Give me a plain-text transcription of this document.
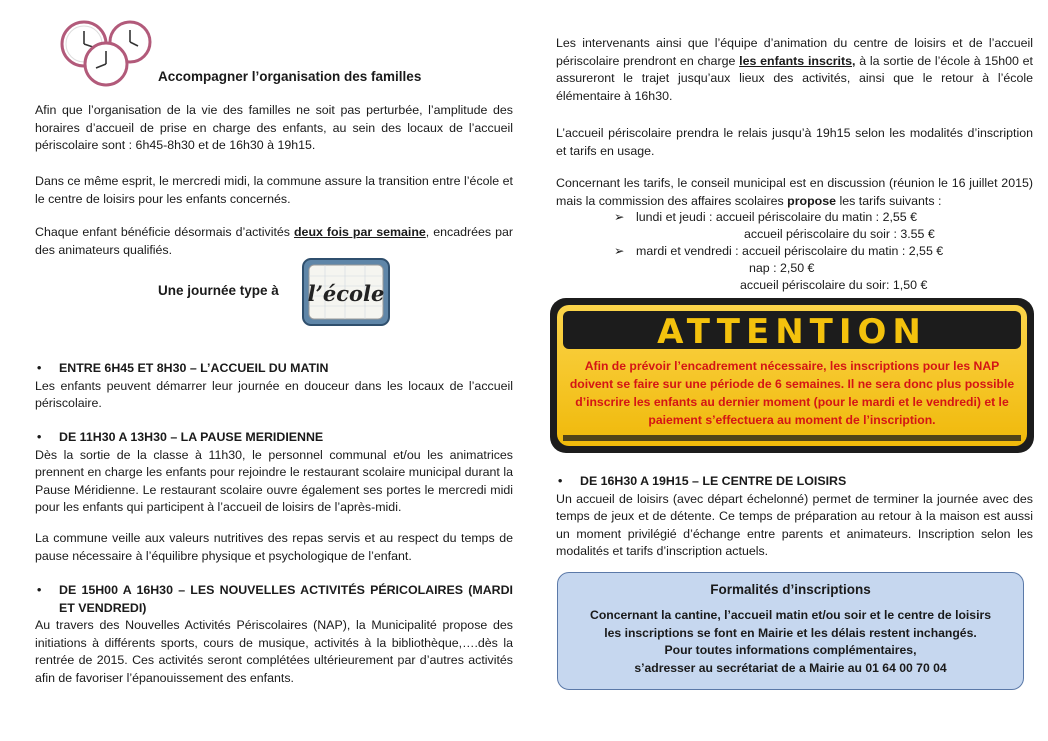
Accompagner l’organisation des familles

Afin que l’organisation de la vie des familles ne soit pas perturbée, l’amplitude des horaires d’accueil de prise en charge des enfants, au sein des locaux de l’accueil périscolaire sont : 6h45-8h30 et de 16h30 à 19h15.

Dans ce même esprit, le mercredi midi, la commune assure la transition entre l’école et le centre de loisirs pour les enfants concernés.

Chaque enfant bénéficie désormais d’activités deux fois par semaine, encadrées par des animateurs qualifiés.

•	ENTRE 6H45 ET 8H30 – L’ACCUEIL DU MATIN

Les enfants peuvent démarrer leur journée en douceur dans les locaux de l’accueil périscolaire.

•	DE 11H30 A 13H30 – LA PAUSE MERIDIENNE

Dès la sortie de la classe à 11h30, le personnel communal et/ou les animatrices prennent en charge les enfants pour rejoindre le restaurant scolaire municipal durant la Pause Méridienne. Le restaurant scolaire ouvre également ses portes le mercredi midi pour les enfants qui participent à l’accueil de loisirs de l’après-midi.

La commune veille aux valeurs nutritives des repas servis et au respect du temps de pause nécessaire à l’équilibre physique et psychologique de l’enfant.

•	DE 15H00 A 16H30 – LES NOUVELLES ACTIVITÉS PÉRICOLAIRES (MARDI ET VENDREDI)

Au travers des Nouvelles Activités Périscolaires (NAP), la Municipalité propose des initiations à différents sports, cours de musique, activités à la bibliothèque,….dès la rentrée de 2015. Ces activités seront complétées ultérieurement par d’autres activités afin de favoriser l’épanouissement des enfants.

Une journée type à l’école

Les intervenants ainsi que l’équipe d’animation du centre de loisirs et de l’accueil périscolaire prendront en charge les enfants inscrits, à la sortie de l’école à 15h00 et assureront le trajet jusqu’aux lieux des activités, ainsi que le retour à l’école élémentaire à 16h30.

L’accueil périscolaire prendra le relais jusqu’à 19h15 selon les modalités d’inscription et tarifs en usage.

Concernant les tarifs, le conseil municipal est en discussion (réunion le 16 juillet 2015) mais la commission des affaires scolaires propose les tarifs suivants :

➢ lundi et jeudi : accueil périscolaire du matin : 2,55 €
accueil périscolaire du soir : 3.55 €
➢ mardi et vendredi : accueil périscolaire du matin : 2,55 €
nap : 2,50 €
accueil périscolaire du soir: 1,50 €
•	DE 16H30 A 19H15 – LE CENTRE DE LOISIRS

Un accueil de loisirs (avec départ échelonné) permet de terminer la journée avec des temps de jeux et de détente. Ce temps de préparation au retour à la maison est aussi un moment privilégié d’échange entre parents et animateurs. Inscription selon les modalités et tarifs d’inscription actuels.

ATTENTION
Afin de prévoir l’encadrement nécessaire, les inscriptions pour les NAP doivent se faire sur une période de 6 semaines. Il ne sera donc plus possible d’inscrire les enfants au dernier moment (pour le mardi et le vendredi) et le paiement s’effectuera au moment de l’inscription.
Formalités d’inscriptions
Concernant la cantine, l’accueil matin et/ou soir et le centre de loisirs
les inscriptions se font en Mairie et les délais restent inchangés.
Pour toutes informations complémentaires,
s’adresser au secrétariat de a Mairie au 01 64 00 70 04
